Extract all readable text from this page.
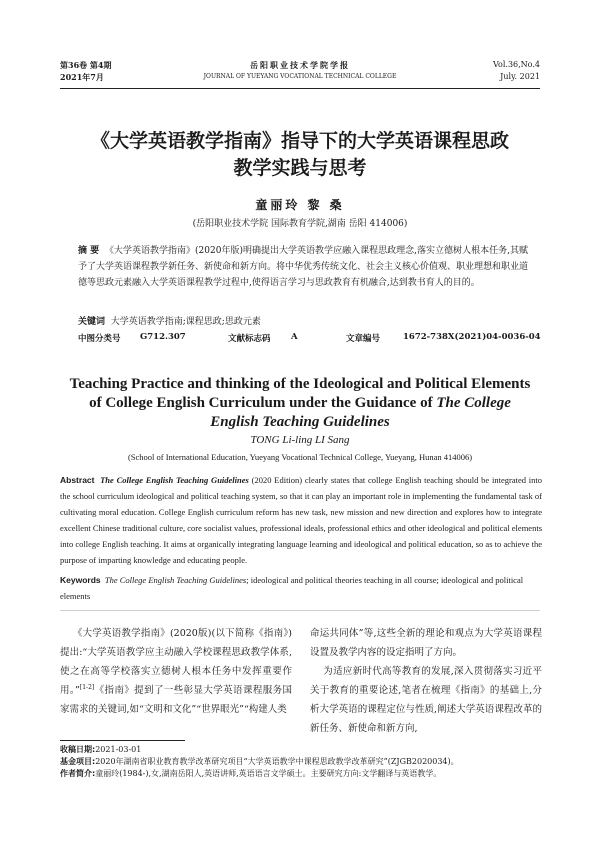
第36卷 第4期
2021年7月
岳阳职业技术学院学报
JOURNAL OF YUEYANG VOCATIONAL TECHNICAL COLLEGE
Vol.36,No.4
July. 2021
《大学英语教学指南》指导下的大学英语课程思政
教学实践与思考
童丽玲 黎 桑
(岳阳职业技术学院 国际教育学院,湖南 岳阳 414006)
摘 要 《大学英语教学指南》(2020年版)明确提出大学英语教学应融入课程思政理念,落实立德树人根本任务,其赋予了大学英语课程教学新任务、新使命和新方向。将中华优秀传统文化、社会主义核心价值观、职业理想和职业道德等思政元素融入大学英语课程教学过程中,使得语言学习与思政教育有机融合,达到教书育人的目的。
关键词 大学英语教学指南;课程思政;思政元素
中图分类号 G712.307	文献标志码 A	文章编号	1672-738X(2021)04-0036-04
Teaching Practice and thinking of the Ideological and Political Elements
of College English Curriculum under the Guidance of The College
English Teaching Guidelines
TONG Li-ling LI Sang
(School of International Education, Yueyang Vocational Technical College, Yueyang, Hunan 414006)
Abstract The College English Teaching Guidelines (2020 Edition) clearly states that college English teaching should be integrated into the school curriculum ideological and political teaching system, so that it can play an important role in implementing the fundamental task of cultivating moral education. College English curriculum reform has new task, new mission and new direction and explores how to integrate excellent Chinese traditional culture, core socialist values, professional ideals, professional ethics and other ideological and political elements into college English teaching. It aims at organically integrating language learning and ideological and political education, so as to achieve the purpose of imparting knowledge and educating people.
Keywords The College English Teaching Guidelines; ideological and political theories teaching in all course; ideological and political elements
《大学英语教学指南》(2020版)(以下简称《指南》)提出:“大学英语教学应主动融入学校课程思政教学体系,使之在高等学校落实立德树人根本任务中发挥重要作用。”[1-2]《指南》提到了一些彰显大学英语课程服务国家需求的关键词,如“文明和文化”“世界眼光”“构建人类
命运共同体”等,这些全新的理论和观点为大学英语课程设置及教学内容的设定指明了方向。
为适应新时代高等教育的发展,深入贯彻落实习近平关于教育的重要论述,笔者在梳理《指南》的基础上,分析大学英语的课程定位与性质,阐述大学英语课程改革的新任务、新使命和新方向,
收稿日期:2021-03-01
基金项目:2020年湖南省职业教育教学改革研究项目“大学英语教学中课程思政教学改革研究”(ZJGB2020034)。
作者简介:童丽玲(1984-),女,湖南岳阳人,英语讲师,英语语言文学硕士。主要研究方向:文学翻译与英语教学。
